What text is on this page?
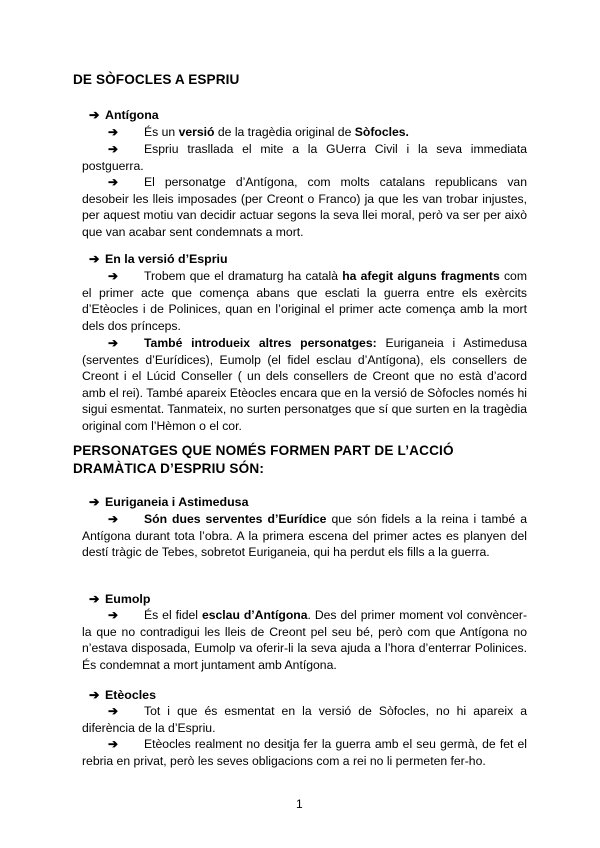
DE SÒFOCLES A ESPRIU
➔ Antígona
➔ És un versió de la tragèdia original de Sòfocles.
➔ Espriu trasllada el mite a la GUerra Civil i la seva immediata postguerra.
➔ El personatge d’Antígona, com molts catalans republicans van desobeir les lleis imposades (per Creont o Franco) ja que les van trobar injustes, per aquest motiu van decidir actuar segons la seva llei moral, però va ser per això que van acabar sent condemnats a mort.
➔ En la versió d’Espriu
➔ Trobem que el dramaturg ha català ha afegit alguns fragments com el primer acte que comença abans que esclati la guerra entre els exèrcits d’Etèocles i de Polinices, quan en l’original el primer acte comença amb la mort dels dos prínceps.
➔ També introdueix altres personatges: Euriganeia i Astimedusa (serventes d’Eurídices), Eumolp (el fidel esclau d’Antígona), els consellers de Creont i el Lúcid Conseller ( un dels consellers de Creont que no està d’acord amb el rei). També apareix Etèocles encara que en la versió de Sòfocles només hi sigui esmentat. Tanmateix, no surten personatges que sí que surten en la tragèdia original com l’Hèmon o el cor.
PERSONATGES QUE NOMÉS FORMEN PART DE L’ACCIÓ DRAMÀTICA D’ESPRIU SÓN:
➔ Euriganeia i Astimedusa
➔ Són dues serventes d’Eurídice que són fidels a la reina i també a Antígona durant tota l’obra. A la primera escena del primer actes es planyen del destí tràgic de Tebes, sobretot Euriganeia, qui ha perdut els fills a la guerra.
➔ Eumolp
➔ És el fidel esclau d’Antígona. Des del primer moment vol convèncer-la que no contradigui les lleis de Creont pel seu bé, però com que Antígona no n’estava disposada, Eumolp va oferir-li la seva ajuda a l’hora d’enterrar Polinices. És condemnat a mort juntament amb Antígona.
➔ Etèocles
➔ Tot i que és esmentat en la versió de Sòfocles, no hi apareix a diferència de la d’Espriu.
➔ Etèocles realment no desitja fer la guerra amb el seu germà, de fet el rebria en privat, però les seves obligacions com a rei no li permeten fer-ho.
1
